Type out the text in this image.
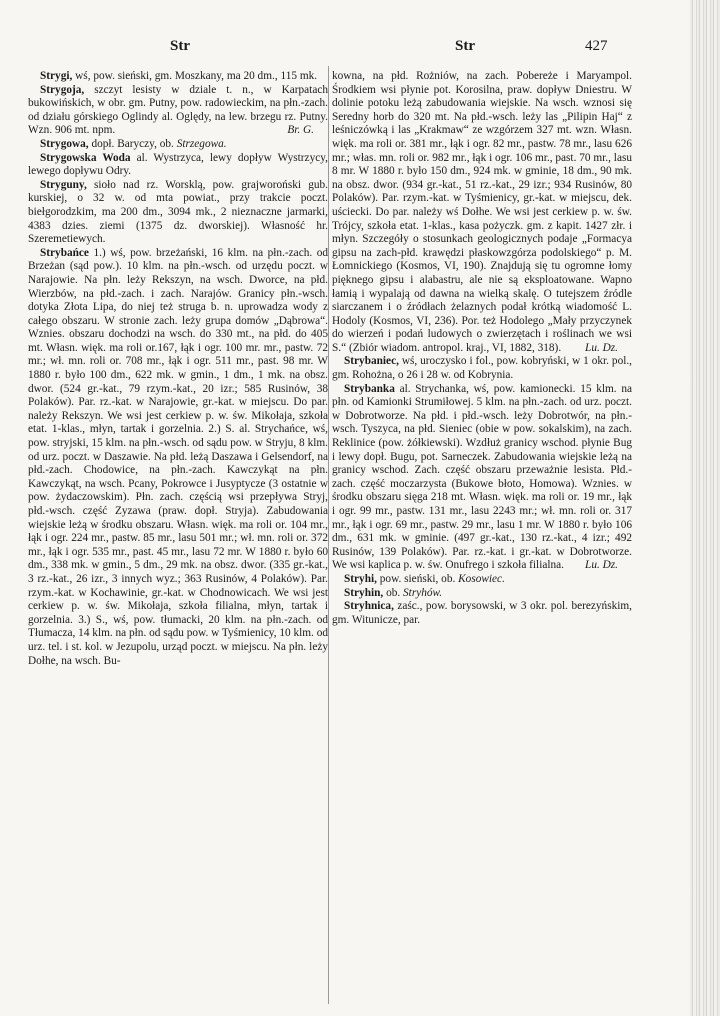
Str	Str	427

Strygi, wś, pow. sieński, gm. Moszkany, ma 20 dm., 115 mk.

Strygoja, szczyt lesisty w dziale t. n., w Karpatach bukowińskich, w obr. gm. Putny, pow. radowieckim, na płn.-zach. od działu górskiego Oglindy al. Oględy, na lew. brzegu rz. Putny. Wzn. 906 mt. npm.	Br. G.

Strygowa, dopł. Baryczy, ob. Strzegowa.

Strygowska Woda al. Wystrzyca, lewy dopływ Wystrzycy, lewego dopływu Odry.

Stryguny, sioło nad rz. Worsklą, pow. grajworoński gub. kurskiej, o 32 w. od mta powiat., przy trakcie poczt. biełgorodzkim, ma 200 dm., 3094 mk., 2 nieznaczne jarmarki, 4383 dzies. ziemi (1375 dz. dworskiej). Własność hr. Szeremetiewych.

Strybańce 1.) wś, pow. brzeżański, 16 klm. na płn.-zach. od Brzeżan (sąd pow.). 10 klm. na płn.-wsch. od urzędu poczt. w Narajowie. Na płn. leży Rekszyn, na wsch. Dworce, na płd. Wierzbów, na płd.-zach. i zach. Narajów. Granicy płn.-wsch. dotyka Złota Lipa, do niej też struga b. n. uprowadza wody z całego obszaru. W stronie zach. leży grupa domów „Dąbrowa“. Wznies. obszaru dochodzi na wsch. do 330 mt., na płd. do 405 mt. Własn. więk. ma roli or.167, łąk i ogr. 100 mr. mr., pastw. 72 mr.; wł. mn. roli or. 708 mr., łąk i ogr. 511 mr., past. 98 mr. W 1880 r. było 100 dm., 622 mk. w gmin., 1 dm., 1 mk. na obsz. dwor. (524 gr.-kat., 79 rzym.-kat., 20 izr.; 585 Rusinów, 38 Polaków). Par. rz.-kat. w Narajowie, gr.-kat. w miejscu. Do par. należy Rekszyn. We wsi jest cerkiew p. w. św. Mikołaja, szkoła etat. 1-klas., młyn, tartak i gorzelnia. 2.) S. al. Strychańce, wś, pow. stryjski, 15 klm. na płn.-wsch. od sądu pow. w Stryju, 8 klm. od urz. poczt. w Daszawie. Na płd. leżą Daszawa i Gelsendorf, na płd.-zach. Chodowice, na płn.-zach. Kawczykąt na płn. Kawczykąt, na wsch. Pcany, Pokrowce i Jusyptycze (3 ostatnie w pow. żydaczowskim). Płn. zach. częścią wsi przepływa Stryj, płd.-wsch. część Zyzawa (praw. dopł. Stryja). Zabudowania wiejskie leżą w środku obszaru. Własn. więk. ma roli or. 104 mr., łąk i ogr. 224 mr., pastw. 85 mr., lasu 501 mr.; wł. mn. roli or. 372 mr., łąk i ogr. 535 mr., past. 45 mr., lasu 72 mr. W 1880 r. było 60 dm., 338 mk. w gmin., 5 dm., 29 mk. na obsz. dwor. (335 gr.-kat., 3 rz.-kat., 26 izr., 3 innych wyz.; 363 Rusinów, 4 Polaków). Par. rzym.-kat. w Kochawinie, gr.-kat. w Chodnowicach. We wsi jest cerkiew p. w. św. Mikołaja, szkoła filialna, młyn, tartak i gorzelnia. 3.) S., wś, pow. tłumacki, 20 klm. na płn.-zach. od Tłumacza, 14 klm. na płn. od sądu pow. w Tyśmienicy, 10 klm. od urz. tel. i st. kol. w Jezupolu, urząd poczt. w miejscu. Na płn. leży Dołhe, na wsch. Bu-

kowna, na płd. Rożniów, na zach. Pobereże i Maryampol. Środkiem wsi płynie pot. Korosilna, praw. dopływ Dniestru. W dolinie potoku leżą zabudowania wiejskie. Na wsch. wznosi się Seredny horb do 320 mt. Na płd.-wsch. leży las „Pilipin Haj“ z leśniczówką i las „Krakmaw“ ze wzgórzem 327 mt. wzn. Własn. więk. ma roli or. 381 mr., łąk i ogr. 82 mr., pastw. 78 mr., lasu 626 mr.; włas. mn. roli or. 982 mr., łąk i ogr. 106 mr., past. 70 mr., lasu 8 mr. W 1880 r. było 150 dm., 924 mk. w gminie, 18 dm., 90 mk. na obsz. dwor. (934 gr.-kat., 51 rz.-kat., 29 izr.; 934 Rusinów, 80 Polaków). Par. rzym.-kat. w Tyśmienicy, gr.-kat. w miejscu, dek. uściecki. Do par. należy wś Dołhe. We wsi jest cerkiew p. w. św. Trójcy, szkoła etat. 1-klas., kasa pożyczk. gm. z kapit. 1427 złr. i młyn. Szczegóły o stosunkach geologicznych podaje „Formacya gipsu na zach-płd. krawędzi płaskowzgórza podolskiego“ p. M. Łomnickiego (Kosmos, VI, 190). Znajdują się tu ogromne łomy pięknego gipsu i alabastru, ale nie są eksploatowane. Wapno łamią i wypalają od dawna na wielką skalę. O tutejszem źródle siarczanem i o źródłach żelaznych podał krótką wiadomość L. Hodoly (Kosmos, VI, 236). Por. też Hodolego „Mały przyczynek do wierzeń i podań ludowych o zwierzętach i roślinach we wsi S.“ (Zbiór wiadom. antropol. kraj., VI, 1882, 318). Lu. Dz.

Strybaniec, wś, uroczysko i fol., pow. kobryński, w 1 okr. pol., gm. Rohożna, o 26 i 28 w. od Kobrynia.

Strybanka al. Strychanka, wś, pow. kamionecki. 15 klm. na płn. od Kamionki Strumiłowej. 5 klm. na płn.-zach. od urz. poczt. w Dobrotworze. Na płd. i płd.-wsch. leży Dobrotwór, na płn.-wsch. Tyszyca, na płd. Sieniec (obie w pow. sokalskim), na zach. Reklinice (pow. żółkiewski). Wzdłuż granicy wschod. płynie Bug i lewy dopł. Bugu, pot. Sarneczek. Zabudowania wiejskie leżą na granicy wschod. Zach. część obszaru przeważnie lesista. Płd.-zach. część moczarzysta (Bukowe błoto, Homowa). Wznies. w środku obszaru sięga 218 mt. Własn. więk. ma roli or. 19 mr., łąk i ogr. 99 mr., pastw. 131 mr., lasu 2243 mr.; wł. mn. roli or. 317 mr., łąk i ogr. 69 mr., pastw. 29 mr., lasu 1 mr. W 1880 r. było 106 dm., 631 mk. w gminie. (497 gr.-kat., 130 rz.-kat., 4 izr.; 492 Rusinów, 139 Polaków). Par. rz.-kat. i gr.-kat. w Dobrotworze. We wsi kaplica p. w. św. Onufrego i szkoła filialna.	Lu. Dz.

Stryhi, pow. sieński, ob. Kosowiec.

Stryhin, ob. Stryhów.

Stryhnica, zaśc., pow. borysowski, w 3 okr. pol. berezyńskim, gm. Witunicze, par.
